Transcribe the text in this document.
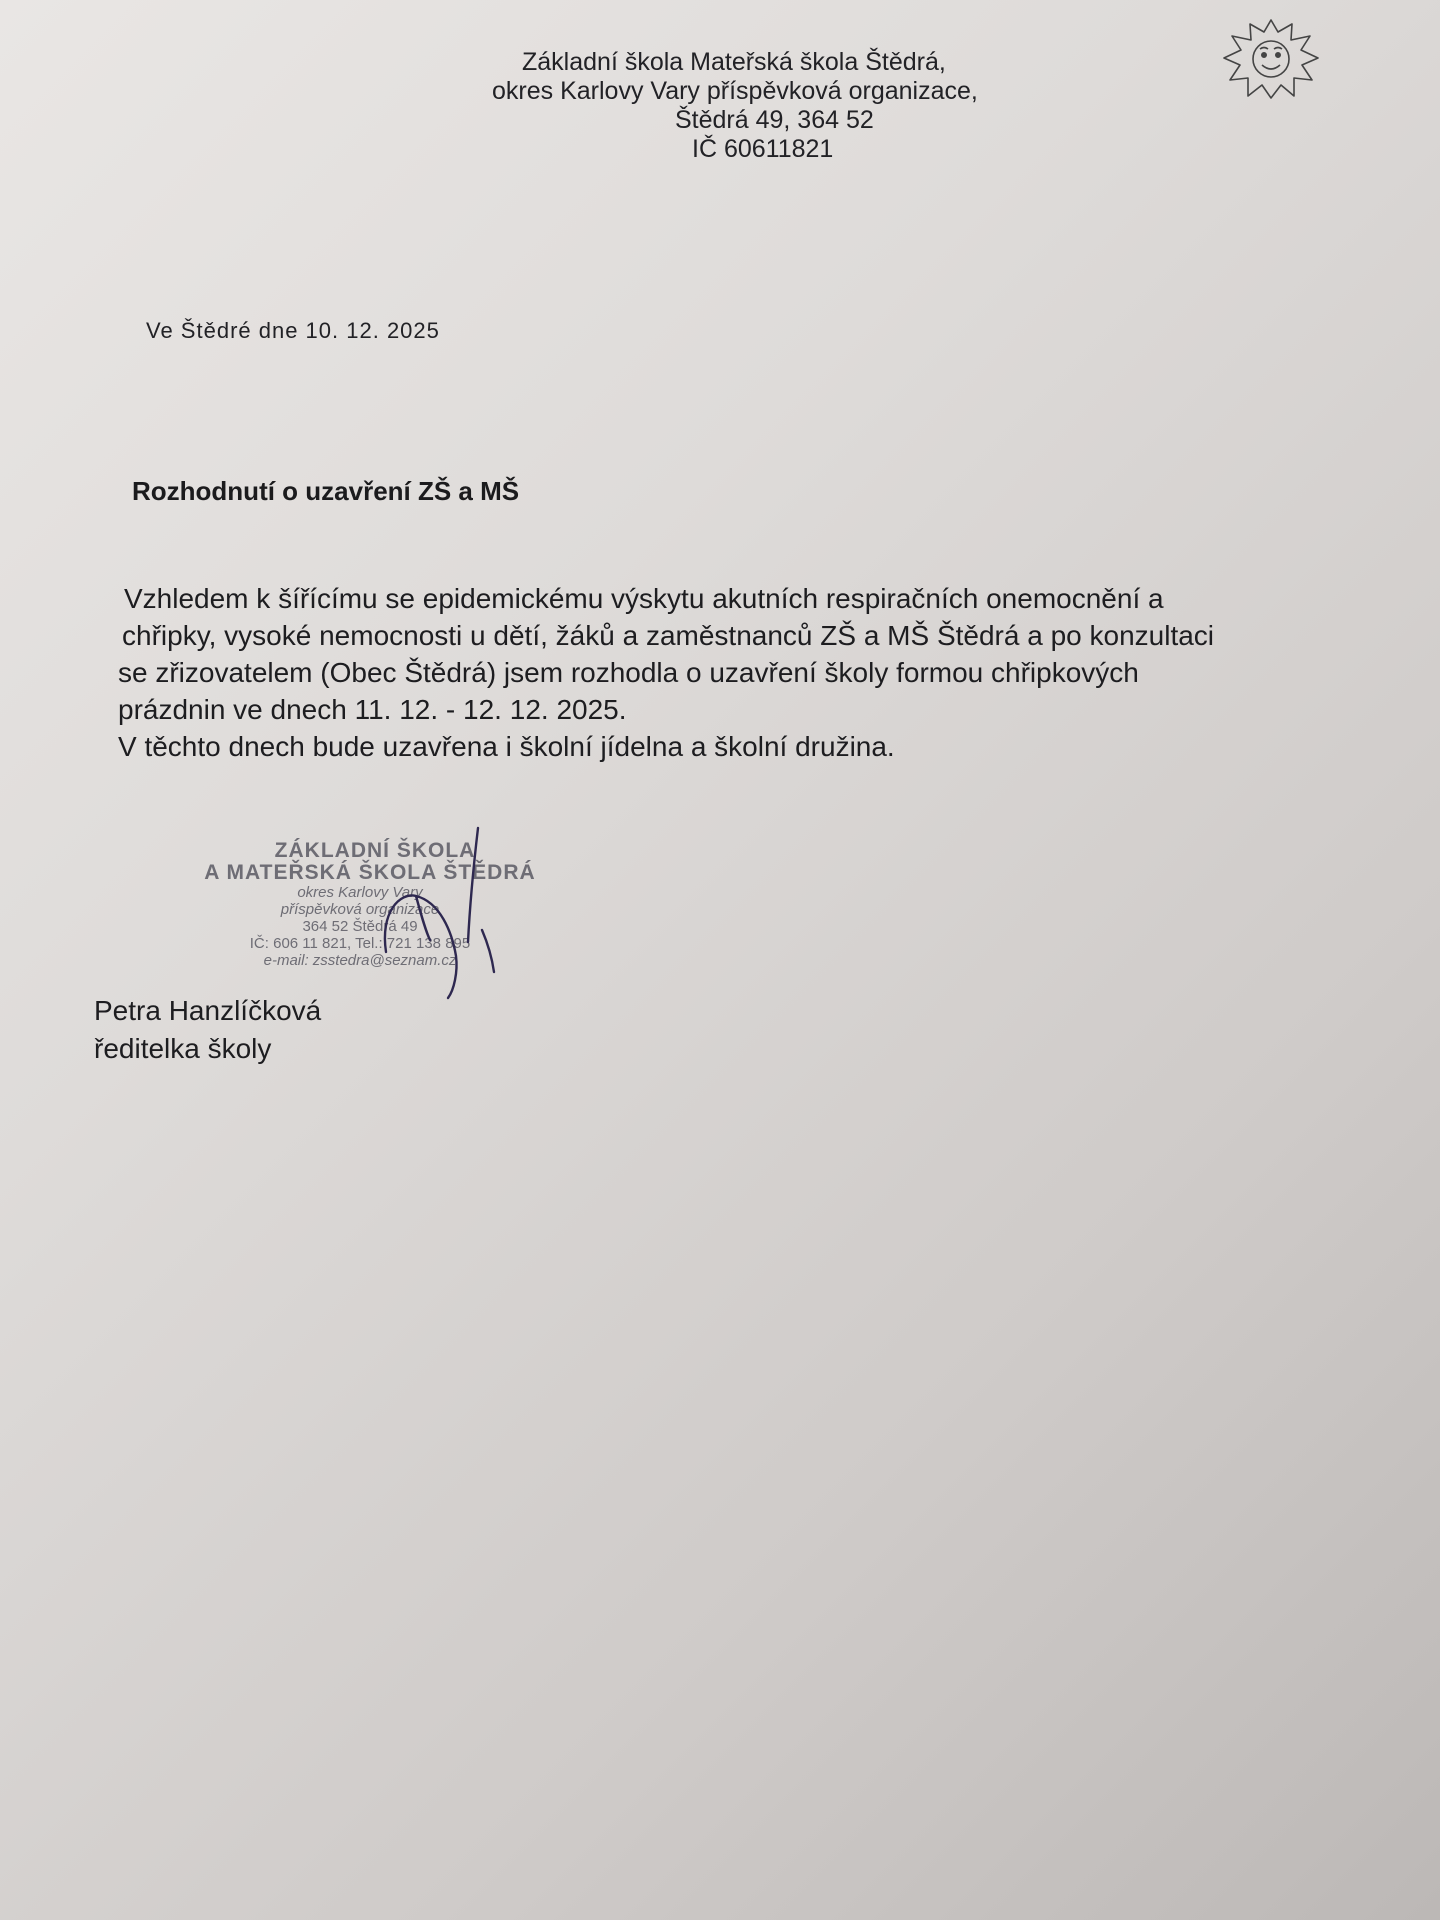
Základní škola Mateřská škola Štědrá,
okres Karlovy Vary příspěvková organizace,
Štědrá 49, 364 52
IČ 60611821
Ve Štědré dne 10. 12. 2025
Rozhodnutí o uzavření ZŠ a MŠ
Vzhledem k šířícímu se epidemickému výskytu akutních respiračních onemocnění a
chřipky, vysoké nemocnosti u dětí, žáků a zaměstnanců ZŠ a MŠ Štědrá a po konzultaci
se zřizovatelem (Obec Štědrá) jsem rozhodla o uzavření školy formou chřipkových
prázdnin ve dnech 11. 12. - 12. 12. 2025.
V těchto dnech bude uzavřena i školní jídelna a školní družina.
ZÁKLADNÍ ŠKOLA
A MATEŘSKÁ ŠKOLA ŠTĚDRÁ
okres Karlovy Vary
příspěvková organizace
364 52 Štědrá 49
IČ: 606 11 821, Tel.: 721 138 895
e-mail: zsstedra@seznam.cz
Petra Hanzlíčková
ředitelka školy
